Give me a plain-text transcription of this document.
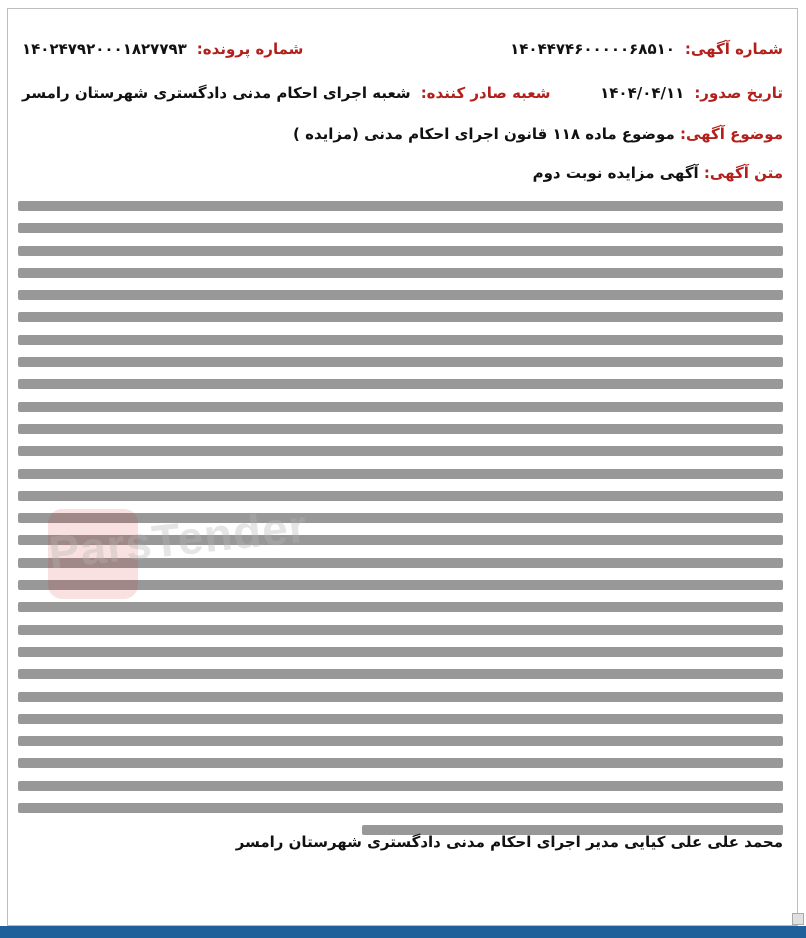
شماره آگهی:
۱۴۰۴۴۷۴۶۰۰۰۰۰۶۸۵۱۰
شماره پرونده:
۱۴۰۲۴۷۹۲۰۰۰۱۸۲۷۷۹۳
تاریخ صدور:
۱۴۰۴/۰۴/۱۱
شعبه صادر کننده:
شعبه اجرای احکام مدنی دادگستری شهرستان رامسر
موضوع آگهی: موضوع ماده ۱۱۸ قانون اجرای احکام مدنی (مزایده )
متن آگهی: آگهی مزایده نوبت دوم
محمد علی علی کیایی مدیر اجرای احکام مدنی دادگستری شهرستان رامسر
ParsTender
